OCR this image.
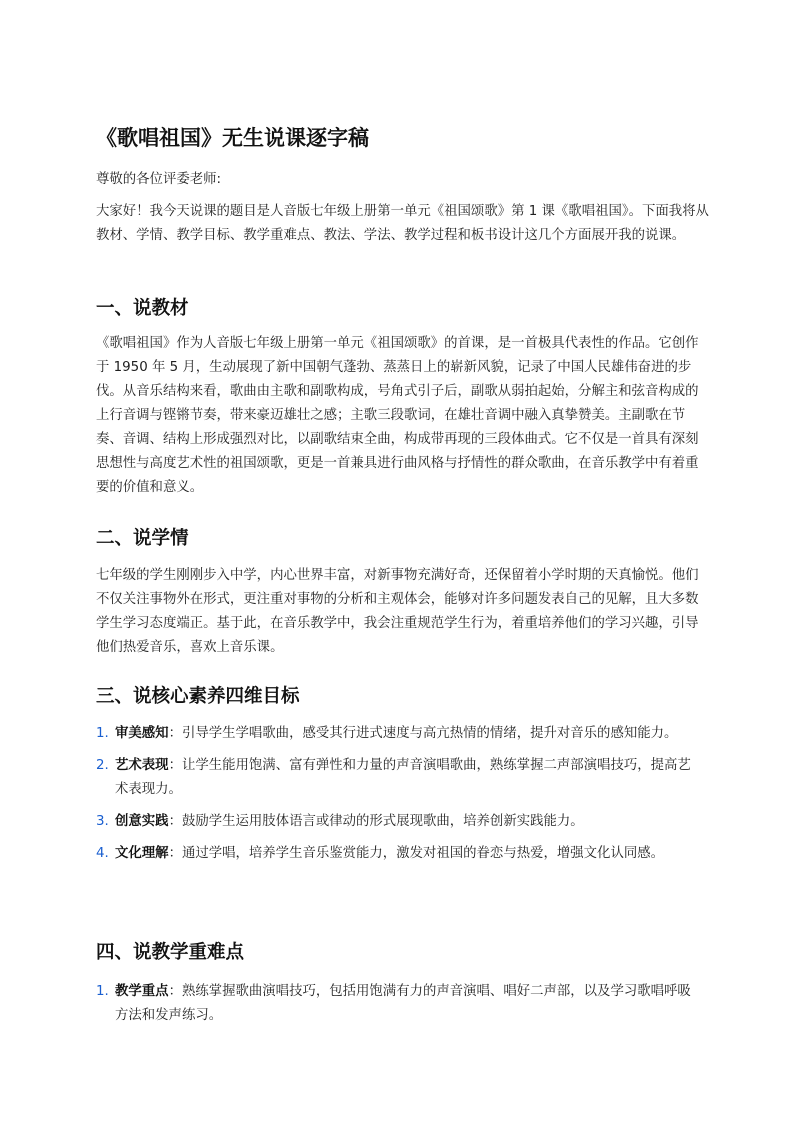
《歌唱祖国》无生说课逐字稿

尊敬的各位评委老师:

大家好！我今天说课的题目是人音版七年级上册第一单元《祖国颂歌》第 1 课《歌唱祖国》。下面我将从教材、学情、教学目标、教学重难点、教法、学法、教学过程和板书设计这几个方面展开我的说课。

一、说教材

《歌唱祖国》作为人音版七年级上册第一单元《祖国颂歌》的首课，是一首极具代表性的作品。它创作于 1950 年 5 月，生动展现了新中国朝气蓬勃、蒸蒸日上的崭新风貌，记录了中国人民雄伟奋进的步伐。从音乐结构来看，歌曲由主歌和副歌构成，号角式引子后，副歌从弱拍起始，分解主和弦音构成的上行音调与铿锵节奏，带来豪迈雄壮之感；主歌三段歌词，在雄壮音调中融入真挚赞美。主副歌在节奏、音调、结构上形成强烈对比，以副歌结束全曲，构成带再现的三段体曲式。它不仅是一首具有深刻思想性与高度艺术性的祖国颂歌，更是一首兼具进行曲风格与抒情性的群众歌曲，在音乐教学中有着重要的价值和意义。

二、说学情

七年级的学生刚刚步入中学，内心世界丰富，对新事物充满好奇，还保留着小学时期的天真愉悦。他们不仅关注事物外在形式，更注重对事物的分析和主观体会，能够对许多问题发表自己的见解，且大多数学生学习态度端正。基于此，在音乐教学中，我会注重规范学生行为，着重培养他们的学习兴趣，引导他们热爱音乐，喜欢上音乐课。

三、说核心素养四维目标
1. 审美感知：引导学生学唱歌曲，感受其行进式速度与高亢热情的情绪，提升对音乐的感知能力。
2. 艺术表现：让学生能用饱满、富有弹性和力量的声音演唱歌曲，熟练掌握二声部演唱技巧，提高艺术表现力。
3. 创意实践：鼓励学生运用肢体语言或律动的形式展现歌曲，培养创新实践能力。
4. 文化理解：通过学唱，培养学生音乐鉴赏能力，激发对祖国的眷恋与热爱，增强文化认同感。
四、说教学重难点
1. 教学重点：熟练掌握歌曲演唱技巧，包括用饱满有力的声音演唱、唱好二声部，以及学习歌唱呼吸方法和发声练习。
